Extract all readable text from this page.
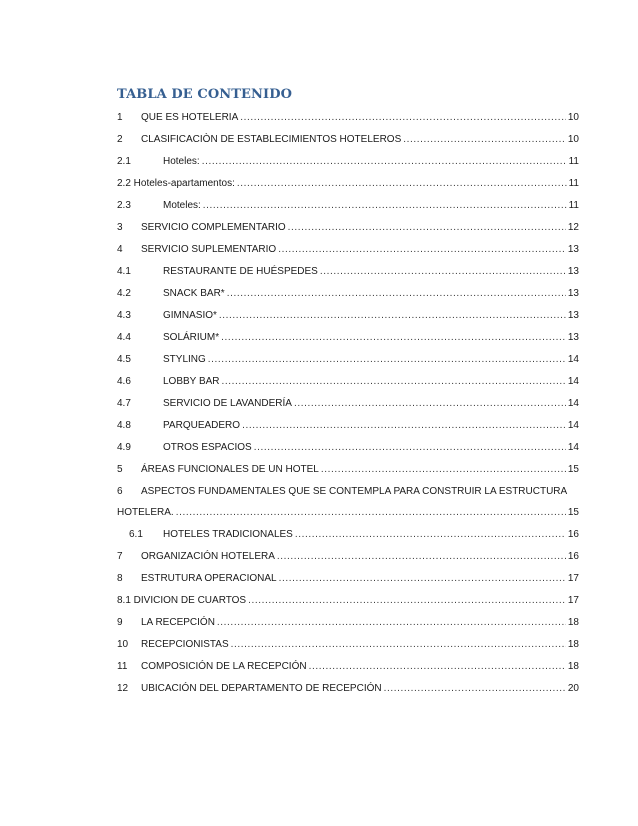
TABLA DE CONTENIDO
1	QUE ES HOTELERIA .....	10
2	CLASIFICACIÒN DE ESTABLECIMIENTOS HOTELEROS .....	10
2.1	Hoteles: .....	11
2.2 Hoteles-apartamentos: .....	11
2.3	Moteles: .....	11
3	SERVICIO COMPLEMENTARIO .....	12
4	SERVICIO SUPLEMENTARIO .....	13
4.1	RESTAURANTE DE HUÉSPEDES .....	13
4.2	SNACK BAR* .....	13
4.3	GIMNASIO* .....	13
4.4	SOLÁRIUM* .....	13
4.5	STYLING .....	14
4.6	LOBBY BAR .....	14
4.7	SERVICIO DE LAVANDERÍA .....	14
4.8	PARQUEADERO .....	14
4.9	OTROS ESPACIOS .....	14
5	ÁREAS FUNCIONALES DE UN HOTEL .....	15
6	ASPECTOS FUNDAMENTALES QUE SE CONTEMPLA PARA CONSTRUIR LA ESTRUCTURA
HOTELERA. .....	15
6.1	HOTELES TRADICIONALES .....	16
7	ORGANIZACIÓN HOTELERA .....	16
8	ESTRUTURA OPERACIONAL .....	17
8.1 DIVICION DE CUARTOS .....	17
9	LA RECEPCIÓN .....	18
10	RECEPCIONISTAS .....	18
11	COMPOSICIÓN DE LA RECEPCIÓN .....	18
12	UBICACIÓN DEL DEPARTAMENTO DE RECEPCIÓN .....	20
